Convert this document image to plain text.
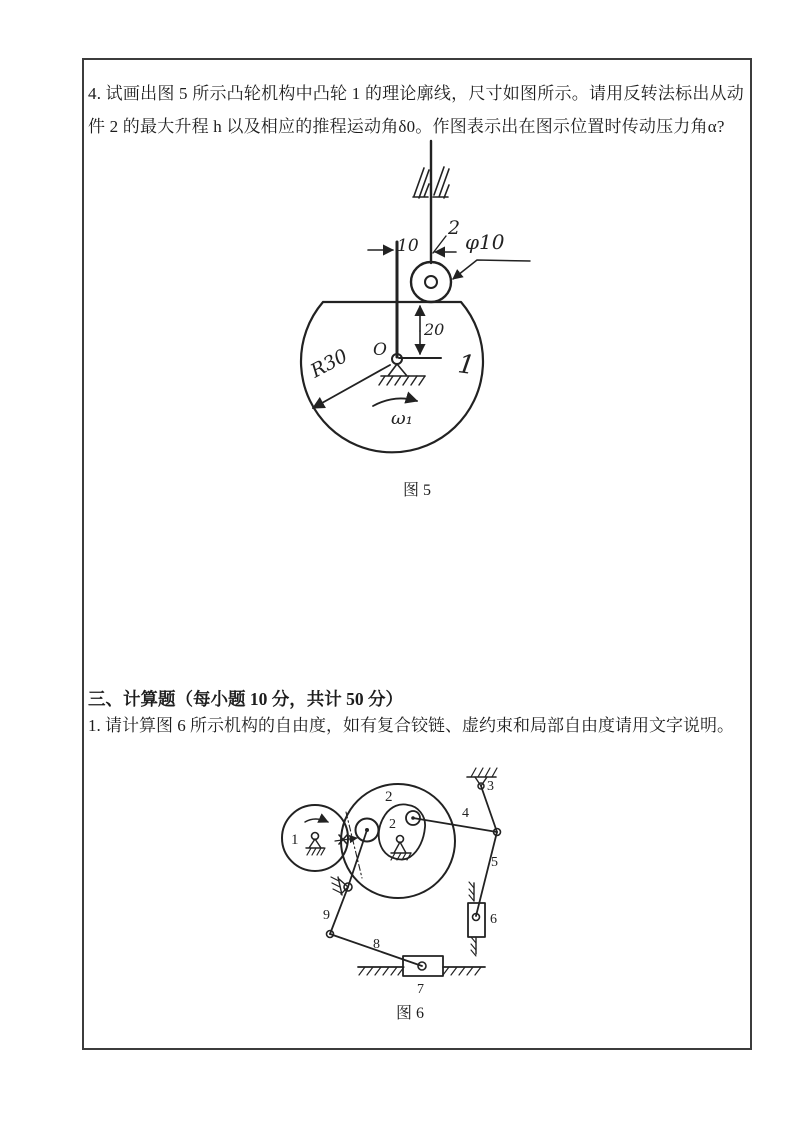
4. 试画出图 5 所示凸轮机构中凸轮 1 的理论廓线，尺寸如图所示。请用反转法标出从动件 2 的最大升程 h 以及相应的推程运动角δ0。作图表示出在图示位置时传动压力角α?

2
10 φ10
20
O
R30
ω₁
1
图 5
三、计算题（每小题 10 分，共计 50 分）
1. 请计算图 6 所示机构的自由度，如有复合铰链、虚约束和局部自由度请用文字说明。
1
2
2
4
3
5
6
9
8
7
图 6
